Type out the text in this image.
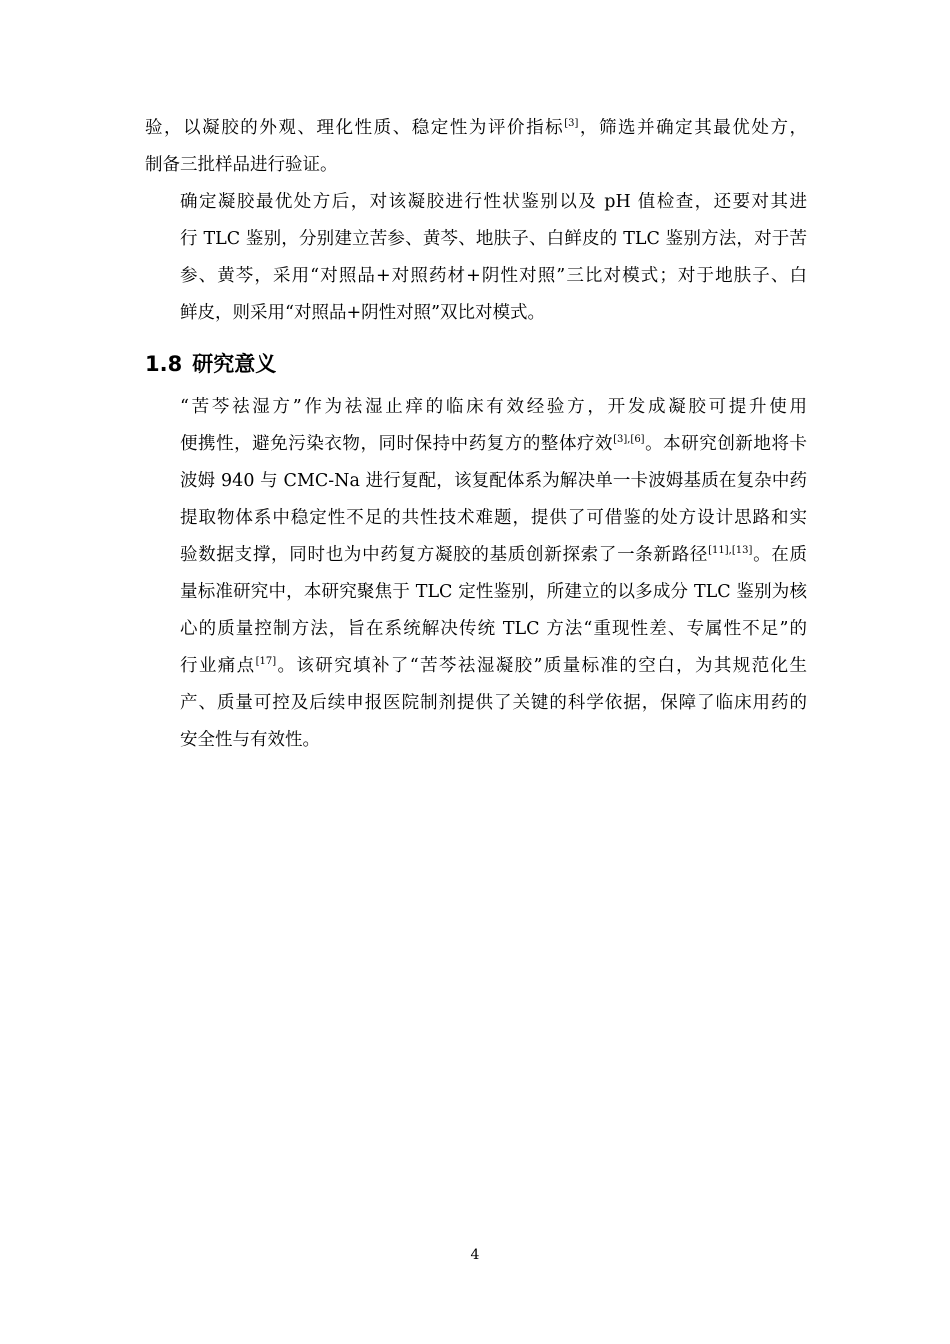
验，以凝胶的外观、理化性质、稳定性为评价指标[3]，筛选并确定其最优处方，
制备三批样品进行验证。

确定凝胶最优处方后，对该凝胶进行性状鉴别以及 pH 值检查，还要对其进
行 TLC 鉴别，分别建立苦参、黄芩、地肤子、白鲜皮的 TLC 鉴别方法，对于苦
参、黄芩，采用“对照品+对照药材+阴性对照”三比对模式；对于地肤子、白
鲜皮，则采用“对照品+阴性对照”双比对模式。

1.8 研究意义

“苦芩祛湿方”作为祛湿止痒的临床有效经验方，开发成凝胶可提升使用
便携性，避免污染衣物，同时保持中药复方的整体疗效[3],[6]。本研究创新地将卡
波姆 940 与 CMC-Na 进行复配，该复配体系为解决单一卡波姆基质在复杂中药
提取物体系中稳定性不足的共性技术难题，提供了可借鉴的处方设计思路和实
验数据支撑，同时也为中药复方凝胶的基质创新探索了一条新路径[11],[13]。在质
量标准研究中，本研究聚焦于 TLC 定性鉴别，所建立的以多成分 TLC 鉴别为核
心的质量控制方法，旨在系统解决传统 TLC 方法“重现性差、专属性不足”的
行业痛点[17]。该研究填补了“苦芩祛湿凝胶”质量标准的空白，为其规范化生
产、质量可控及后续申报医院制剂提供了关键的科学依据，保障了临床用药的
安全性与有效性。

4
